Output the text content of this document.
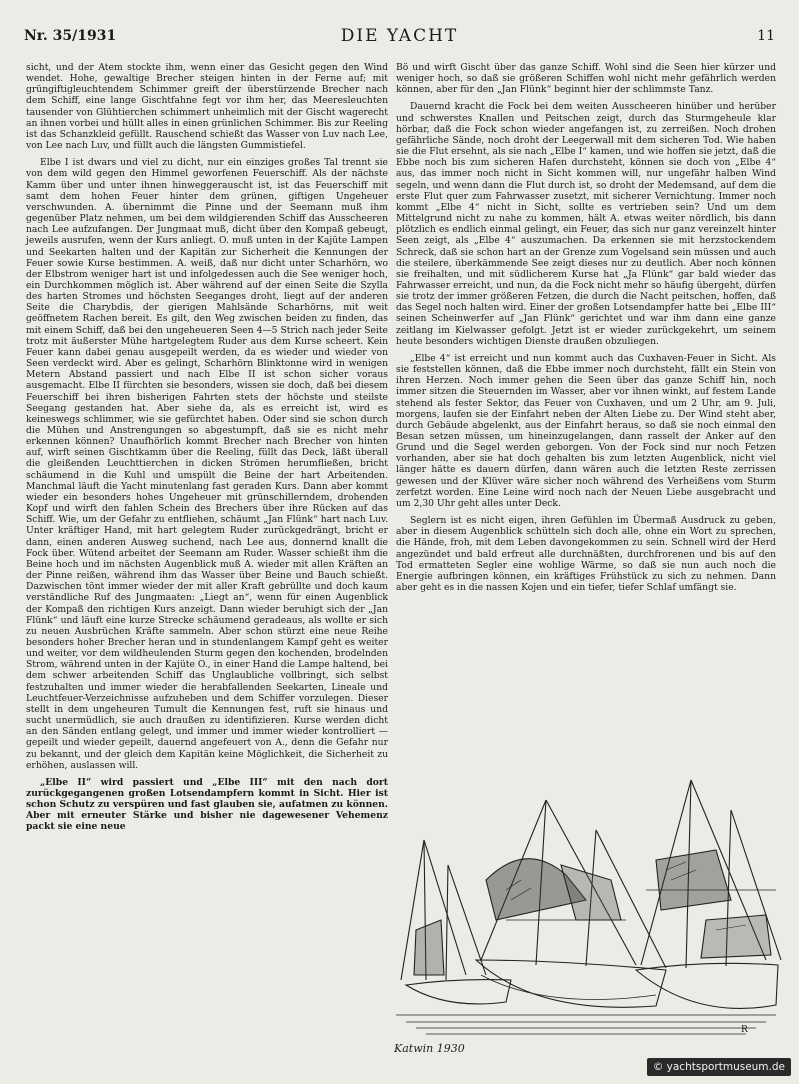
Nr. 35/1931	DIE YACHT	11

sicht, und der Atem stockte ihm, wenn einer das Gesicht gegen den Wind wendet. Hohe, gewaltige Brecher steigen hinten in der Ferne auf; mit grüngiftigleuchtendem Schimmer greift der überstürzende Brecher nach dem Schiff, eine lange Gischtfahne fegt vor ihm her, das Meeresleuchten tausender von Glühtierchen schimmert unheimlich mit der Gischt wagerecht an ihnen vorbei und hüllt alles in einen grünlichen Schimmer. Bis zur Reeling ist das Schanzkleid gefüllt. Rauschend schießt das Wasser von Luv nach Lee, von Lee nach Luv, und füllt auch die längsten Gummistiefel.

Elbe I ist dwars und viel zu dicht, nur ein einziges großes Tal trennt sie von dem wild gegen den Himmel geworfenen Feuerschiff. Als der nächste Kamm über und unter ihnen hinweggerauscht ist, ist das Feuerschiff mit samt dem hohen Feuer hinter dem grünen, giftigen Ungeheuer verschwunden. A. übernimmt die Pinne und der Seemann muß ihm gegenüber Platz nehmen, um bei dem wildgierenden Schiff das Ausscheeren nach Lee aufzufangen. Der Jungmaat muß, dicht über den Kompaß gebeugt, jeweils ausrufen, wenn der Kurs anliegt. O. muß unten in der Kajüte Lampen und Seekarten halten und der Kapitän zur Sicherheit die Kennungen der Feuer sowie Kurse bestimmen. A. weiß, daß nur dicht unter Scharhörn, wo der Elbstrom weniger hart ist und infolgedessen auch die See weniger hoch, ein Durchkommen möglich ist. Aber während auf der einen Seite die Szylla des harten Stromes und höchsten Seeganges droht, liegt auf der anderen Seite die Charybdis, der gierigen Mahlsände Scharhörns, mit weit geöffnetem Rachen bereit. Es gilt, den Weg zwischen beiden zu finden, das mit einem Schiff, daß bei den ungeheueren Seen 4—5 Strich nach jeder Seite trotz mit äußerster Mühe hartgelegtem Ruder aus dem Kurse scheert. Kein Feuer kann dabei genau ausgepeilt werden, da es wieder und wieder von Seen verdeckt wird. Aber es gelingt, Scharhörn Blinktonne wird in wenigen Metern Abstand passiert und nach Elbe II ist schon sicher voraus ausgemacht. Elbe II fürchten sie besonders, wissen sie doch, daß bei diesem Feuerschiff bei ihren bisherigen Fahrten stets der höchste und steilste Seegang gestanden hat. Aber siehe da, als es erreicht ist, wird es keineswegs schlimmer, wie sie gefürchtet haben. Oder sind sie schon durch die Mühen und Anstrengungen so abgestumpft, daß sie es nicht mehr erkennen können? Unaufhörlich kommt Brecher nach Brecher von hinten auf, wirft seinen Gischtkamm über die Reeling, füllt das Deck, läßt überall die gleißenden Leuchttierchen in dicken Strömen herumfließen, bricht schäumend in die Kuhl und umspült die Beine der hart Arbeitenden. Manchmal läuft die Yacht minutenlang fast geraden Kurs. Dann aber kommt wieder ein besonders hohes Ungeheuer mit grünschillerndem, drohenden Kopf und wirft den fahlen Schein des Brechers über ihre Rücken auf das Schiff. Wie, um der Gefahr zu entfliehen, schäumt „Jan Flünk“ hart nach Luv. Unter kräftiger Hand, mit hart gelegtem Ruder zurückgedrängt, bricht er dann, einen anderen Ausweg suchend, nach Lee aus, donnernd knallt die Fock über. Wütend arbeitet der Seemann am Ruder. Wasser schießt ihm die Beine hoch und im nächsten Augenblick muß A. wieder mit allen Kräften an der Pinne reißen, während ihm das Wasser über Beine und Bauch schießt. Dazwischen tönt immer wieder der mit aller Kraft gebrüllte und doch kaum verständliche Ruf des Jungmaaten: „Liegt an“, wenn für einen Augenblick der Kompaß den richtigen Kurs anzeigt. Dann wieder beruhigt sich der „Jan Flünk“ und läuft eine kurze Strecke schäumend geradeaus, als wollte er sich zu neuen Ausbrüchen Kräfte sammeln. Aber schon stürzt eine neue Reihe besonders hoher Brecher heran und in stundenlangem Kampf geht es weiter und weiter, vor dem wildheulenden Sturm gegen den kochenden, brodelnden Strom, während unten in der Kajüte O., in einer Hand die Lampe haltend, bei dem schwer arbeitenden Schiff das Unglaubliche vollbringt, sich selbst festzuhalten und immer wieder die herabfallenden Seekarten, Lineale und Leuchtfeuer-Verzeichnisse aufzuheben und dem Schiffer vorzulegen. Dieser stellt in dem ungeheuren Tumult die Kennungen fest, ruft sie hinaus und sucht unermüdlich, sie auch draußen zu identifizieren. Kurse werden dicht an den Sänden entlang gelegt, und immer und immer wieder kontrolliert — gepeilt und wieder gepeilt, dauernd angefeuert von A., denn die Gefahr nur zu bekannt, und der gleich dem Kapitän keine Möglichkeit, die Sicherheit zu erhöhen, auslassen will.

„Elbe II“ wird passiert und „Elbe III“ mit den nach dort zurückgegangenen großen Lotsendampfern kommt in Sicht. Hier ist schon Schutz zu verspüren und fast glauben sie, aufatmen zu können. Aber mit erneuter Stärke und bisher nie dagewesener Vehemenz packt sie eine neue

Bö und wirft Gischt über das ganze Schiff. Wohl sind die Seen hier kürzer und weniger hoch, so daß sie größeren Schiffen wohl nicht mehr gefährlich werden können, aber für den „Jan Flünk“ beginnt hier der schlimmste Tanz.

Dauernd kracht die Fock bei dem weiten Ausscheeren hinüber und herüber und schwerstes Knallen und Peitschen zeigt, durch das Sturmgeheule klar hörbar, daß die Fock schon wieder angefangen ist, zu zerreißen. Noch drohen gefährliche Sände, noch droht der Leegerwall mit dem sicheren Tod. Wie haben sie die Flut ersehnt, als sie nach „Elbe I“ kamen, und wie hoffen sie jetzt, daß die Ebbe noch bis zum sicheren Hafen durchsteht, können sie doch von „Elbe 4“ aus, das immer noch nicht in Sicht kommen will, nur ungefähr halben Wind segeln, und wenn dann die Flut durch ist, so droht der Medemsand, auf dem die erste Flut quer zum Fahrwasser zusetzt, mit sicherer Vernichtung. Immer noch kommt „Elbe 4“ nicht in Sicht, sollte es vertrieben sein? Und um dem Mittelgrund nicht zu nahe zu kommen, hält A. etwas weiter nördlich, bis dann plötzlich es endlich einmal gelingt, ein Feuer, das sich nur ganz vereinzelt hinter Seen zeigt, als „Elbe 4“ auszumachen. Da erkennen sie mit herzstockendem Schreck, daß sie schon hart an der Grenze zum Vogelsand sein müssen und auch die steilere, überkämmende See zeigt dieses nur zu deutlich. Aber noch können sie freihalten, und mit südlicherem Kurse hat „Ja Flünk“ gar bald wieder das Fahrwasser erreicht, und nun, da die Fock nicht mehr so häufig übergeht, dürfen sie trotz der immer größeren Fetzen, die durch die Nacht peitschen, hoffen, daß das Segel noch halten wird. Einer der großen Lotsendampfer hatte bei „Elbe III“ seinen Scheinwerfer auf „Jan Flünk“ gerichtet und war ihm dann eine ganze zeitlang im Kielwasser gefolgt. Jetzt ist er wieder zurückgekehrt, um seinem heute besonders wichtigen Dienste draußen obzuliegen.

„Elbe 4“ ist erreicht und nun kommt auch das Cuxhaven-Feuer in Sicht. Als sie feststellen können, daß die Ebbe immer noch durchsteht, fällt ein Stein von ihren Herzen. Noch immer gehen die Seen über das ganze Schiff hin, noch immer sitzen die Steuernden im Wasser, aber vor ihnen winkt, auf festem Lande stehend als fester Sektor, das Feuer von Cuxhaven, und um 2 Uhr, am 9. Juli, morgens, laufen sie der Einfahrt neben der Alten Liebe zu. Der Wind steht aber, durch Gebäude abgelenkt, aus der Einfahrt heraus, so daß sie noch einmal den Besan setzen müssen, um hineinzugelangen, dann rasselt der Anker auf den Grund und die Segel werden geborgen. Von der Fock sind nur noch Fetzen vorhanden, aber sie hat doch gehalten bis zum letzten Augenblick, nicht viel länger hätte es dauern dürfen, dann wären auch die letzten Reste zerrissen gewesen und der Klüver wäre sicher noch während des Verheißens vom Sturm zerfetzt worden. Eine Leine wird noch nach der Neuen Liebe ausgebracht und um 2,30 Uhr geht alles unter Deck.

Seglern ist es nicht eigen, ihren Gefühlen im Übermaß Ausdruck zu geben, aber in diesem Augenblick schütteln sich doch alle, ohne ein Wort zu sprechen, die Hände, froh, mit dem Leben davongekommen zu sein. Schnell wird der Herd angezündet und bald erfreut alle durchnäßten, durchfrorenen und bis auf den Tod ermatteten Segler eine wohlige Wärme, so daß sie nun auch noch die Energie aufbringen können, ein kräftiges Frühstück zu sich zu nehmen. Dann aber geht es in die nassen Kojen und ein tiefer, tiefer Schlaf umfängt sie.

Katwin 1930
R
© yachtsportmuseum.de
